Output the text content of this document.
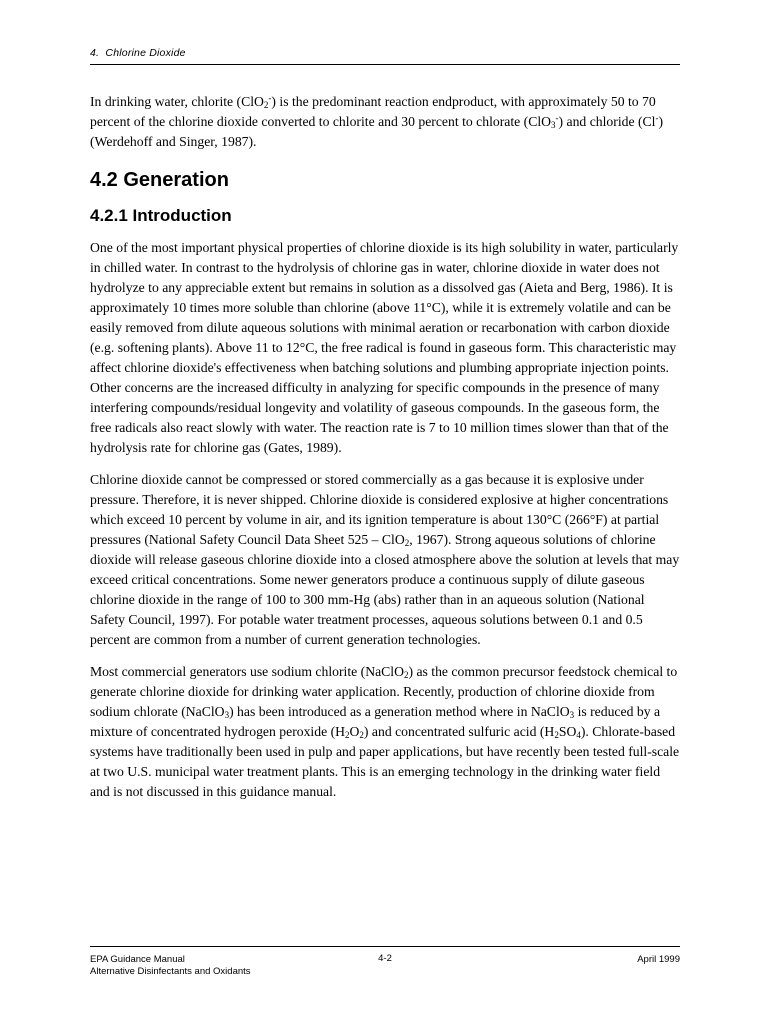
4. Chlorine Dioxide

In drinking water, chlorite (ClO$_2$-) is the predominant reaction endproduct, with approximately 50 to 70 percent of the chlorine dioxide converted to chlorite and 30 percent to chlorate (ClO$_3$-) and chloride (Cl-) (Werdehoff and Singer, 1987).

4.2 Generation
4.2.1 Introduction

One of the most important physical properties of chlorine dioxide is its high solubility in water, particularly in chilled water. In contrast to the hydrolysis of chlorine gas in water, chlorine dioxide in water does not hydrolyze to any appreciable extent but remains in solution as a dissolved gas (Aieta and Berg, 1986). It is approximately 10 times more soluble than chlorine (above 11°C), while it is extremely volatile and can be easily removed from dilute aqueous solutions with minimal aeration or recarbonation with carbon dioxide (e.g. softening plants). Above 11 to 12°C, the free radical is found in gaseous form. This characteristic may affect chlorine dioxide's effectiveness when batching solutions and plumbing appropriate injection points. Other concerns are the increased difficulty in analyzing for specific compounds in the presence of many interfering compounds/residual longevity and volatility of gaseous compounds. In the gaseous form, the free radicals also react slowly with water. The reaction rate is 7 to 10 million times slower than that of the hydrolysis rate for chlorine gas (Gates, 1989).

Chlorine dioxide cannot be compressed or stored commercially as a gas because it is explosive under pressure. Therefore, it is never shipped. Chlorine dioxide is considered explosive at higher concentrations which exceed 10 percent by volume in air, and its ignition temperature is about 130°C (266°F) at partial pressures (National Safety Council Data Sheet 525 – ClO$_2$, 1967). Strong aqueous solutions of chlorine dioxide will release gaseous chlorine dioxide into a closed atmosphere above the solution at levels that may exceed critical concentrations. Some newer generators produce a continuous supply of dilute gaseous chlorine dioxide in the range of 100 to 300 mm-Hg (abs) rather than in an aqueous solution (National Safety Council, 1997). For potable water treatment processes, aqueous solutions between 0.1 and 0.5 percent are common from a number of current generation technologies.

Most commercial generators use sodium chlorite (NaClO$_2$) as the common precursor feedstock chemical to generate chlorine dioxide for drinking water application. Recently, production of chlorine dioxide from sodium chlorate (NaClO$_3$) has been introduced as a generation method where in NaClO$_3$ is reduced by a mixture of concentrated hydrogen peroxide $(H_2O_2)$ and concentrated sulfuric acid $(H_2SO_4)$. Chlorate-based systems have traditionally been used in pulp and paper applications, but have recently been tested full-scale at two U.S. municipal water treatment plants. This is an emerging technology in the drinking water field and is not discussed in this guidance manual.

EPA Guidance Manual
Alternative Disinfectants and Oxidants
4-2	April 1999
